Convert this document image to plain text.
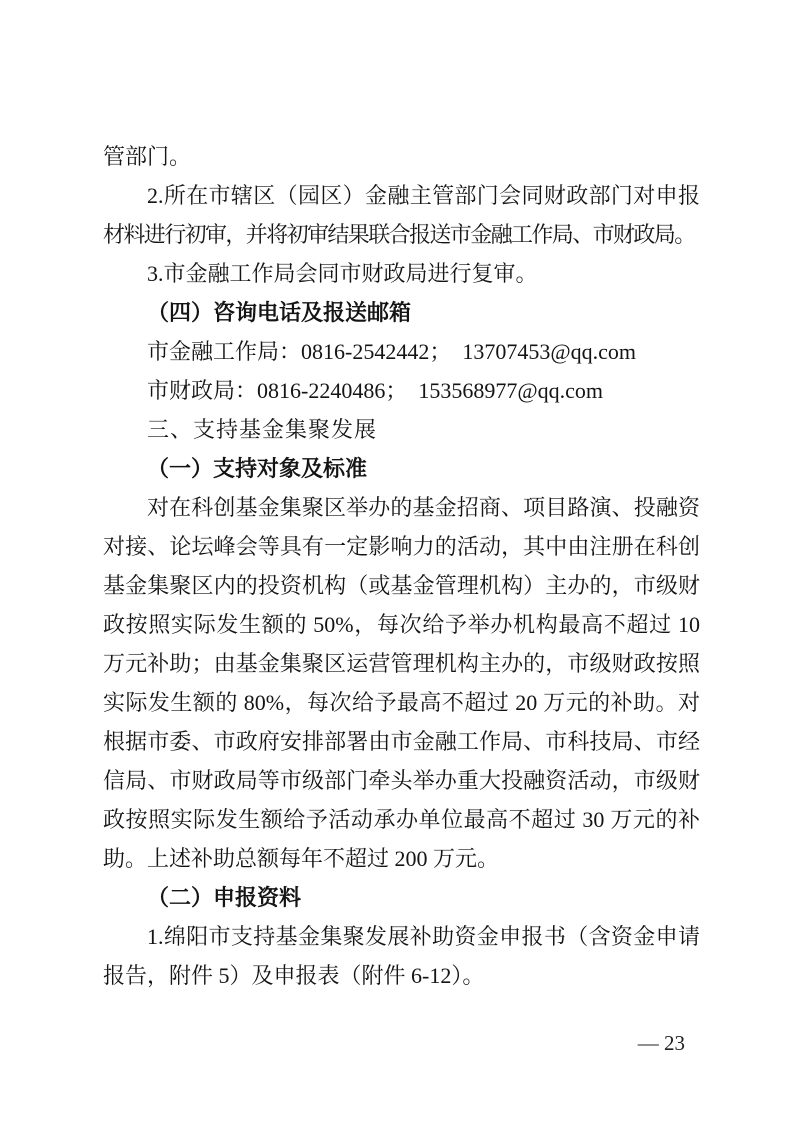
管部门。
2.所在市辖区（园区）金融主管部门会同财政部门对申报
材料进行初审，并将初审结果联合报送市金融工作局、市财政局。
3.市金融工作局会同市财政局进行复审。
（四）咨询电话及报送邮箱
市金融工作局：0816-2542442；  13707453@qq.com
市财政局：0816-2240486；  153568977@qq.com
三、支持基金集聚发展
（一）支持对象及标准
对在科创基金集聚区举办的基金招商、项目路演、投融资
对接、论坛峰会等具有一定影响力的活动，其中由注册在科创
基金集聚区内的投资机构（或基金管理机构）主办的，市级财
政按照实际发生额的 50%，每次给予举办机构最高不超过 10
万元补助；由基金集聚区运营管理机构主办的，市级财政按照
实际发生额的 80%，每次给予最高不超过 20 万元的补助。对
根据市委、市政府安排部署由市金融工作局、市科技局、市经
信局、市财政局等市级部门牵头举办重大投融资活动，市级财
政按照实际发生额给予活动承办单位最高不超过 30 万元的补
助。上述补助总额每年不超过 200 万元。
（二）申报资料
1.绵阳市支持基金集聚发展补助资金申报书（含资金申请
报告，附件 5）及申报表（附件 6-12）。
— 23
